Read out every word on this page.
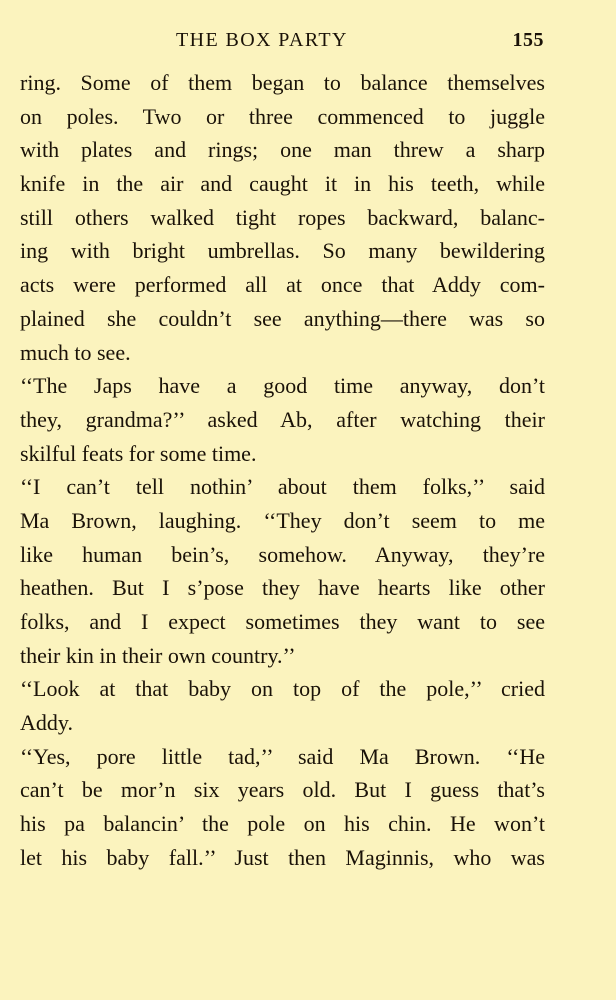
THE BOX PARTY	155
ring. Some of them began to balance themselves
on poles. Two or three commenced to juggle
with plates and rings; one man threw a sharp
knife in the air and caught it in his teeth, while
still others walked tight ropes backward, balanc-
ing with bright umbrellas. So many bewildering
acts were performed all at once that Addy com-
plained she couldn’t see anything—there was so
much to see.
‘‘The Japs have a good time anyway, don’t
they, grandma?’’ asked Ab, after watching their
skilful feats for some time.
‘‘I can’t tell nothin’ about them folks,’’ said
Ma Brown, laughing. ‘‘They don’t seem to me
like human bein’s, somehow. Anyway, they’re
heathen. But I s’pose they have hearts like other
folks, and I expect sometimes they want to see
their kin in their own country.’’
‘‘Look at that baby on top of the pole,’’ cried
Addy.
‘‘Yes, pore little tad,’’ said Ma Brown. ‘‘He
can’t be mor’n six years old. But I guess that’s
his pa balancin’ the pole on his chin. He won’t
let his baby fall.’’ Just then Maginnis, who was
